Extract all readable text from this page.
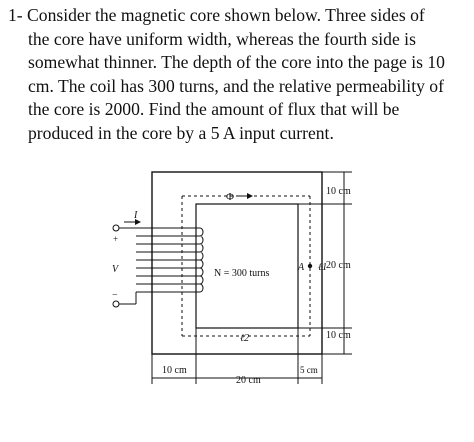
1- Consider the magnetic core shown below. Three sides of

the core have uniform width, whereas the fourth side is

somewhat thinner. The depth of the core into the page is 10

cm. The coil has 300 turns, and the relative permeability of

the core is 2000. Find the amount of flux that will be

produced in the core by a 5 A input current.

Φ
I
+
V
−
N = 300 turns
A ℓ1
ℓ2
10 cm
20 cm
10 cm
10 cm
20 cm
5 cm
